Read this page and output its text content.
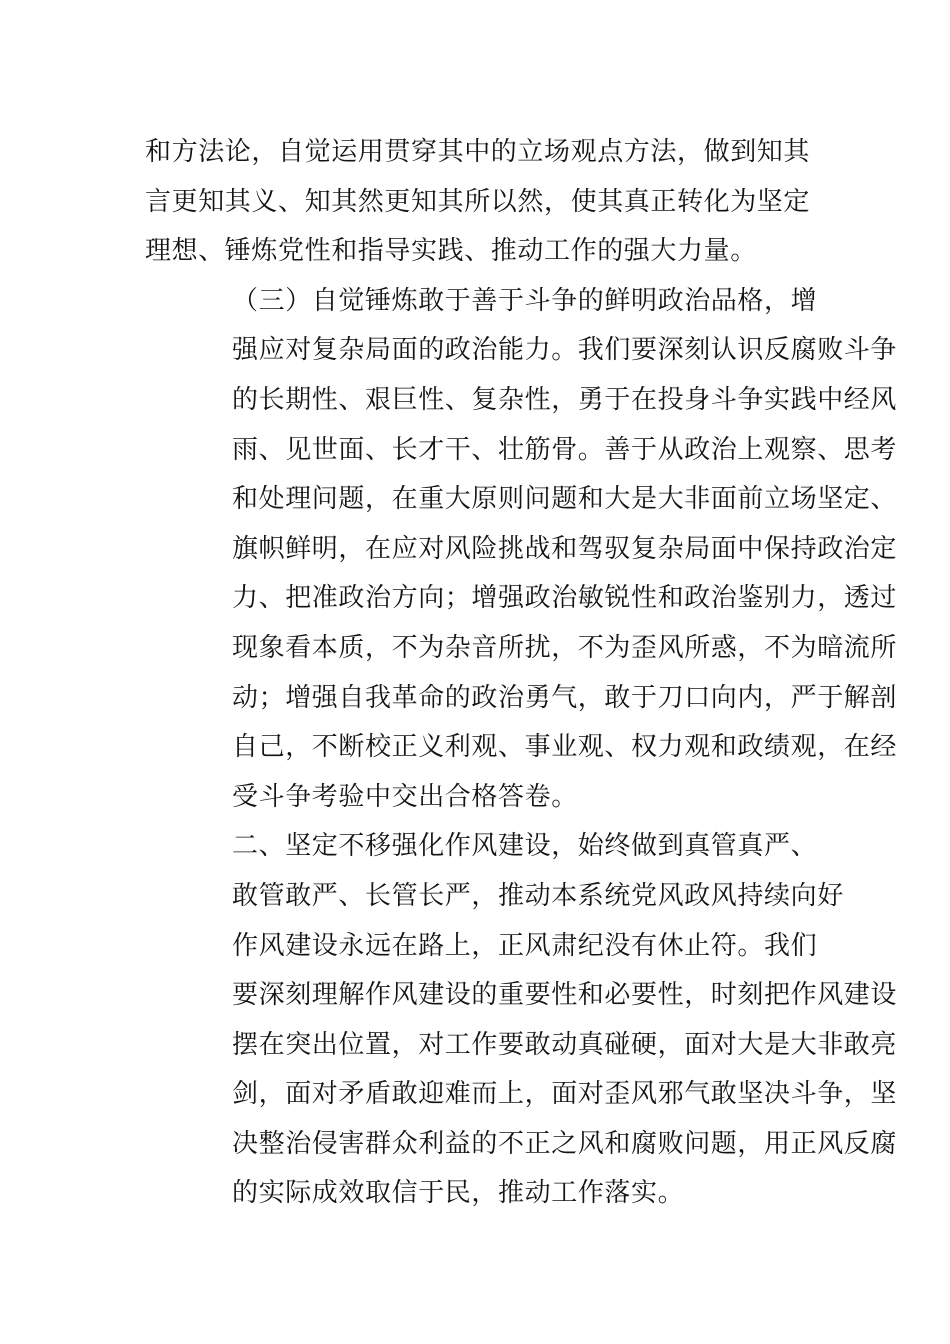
和方法论，自觉运用贯穿其中的立场观点方法，做到知其
言更知其义、知其然更知其所以然，使其真正转化为坚定
理想、锤炼党性和指导实践、推动工作的强大力量。

（三）自觉锤炼敢于善于斗争的鲜明政治品格，增
强应对复杂局面的政治能力。我们要深刻认识反腐败斗争
的长期性、艰巨性、复杂性，勇于在投身斗争实践中经风
雨、见世面、长才干、壮筋骨。善于从政治上观察、思考
和处理问题，在重大原则问题和大是大非面前立场坚定、
旗帜鲜明，在应对风险挑战和驾驭复杂局面中保持政治定
力、把准政治方向；增强政治敏锐性和政治鉴别力，透过
现象看本质，不为杂音所扰，不为歪风所惑，不为暗流所
动；增强自我革命的政治勇气，敢于刀口向内，严于解剖
自己，不断校正义利观、事业观、权力观和政绩观，在经
受斗争考验中交出合格答卷。

二、坚定不移强化作风建设，始终做到真管真严、
敢管敢严、长管长严，推动本系统党风政风持续向好

作风建设永远在路上，正风肃纪没有休止符。我们
要深刻理解作风建设的重要性和必要性，时刻把作风建设
摆在突出位置，对工作要敢动真碰硬，面对大是大非敢亮
剑，面对矛盾敢迎难而上，面对歪风邪气敢坚决斗争，坚
决整治侵害群众利益的不正之风和腐败问题，用正风反腐
的实际成效取信于民，推动工作落实。
